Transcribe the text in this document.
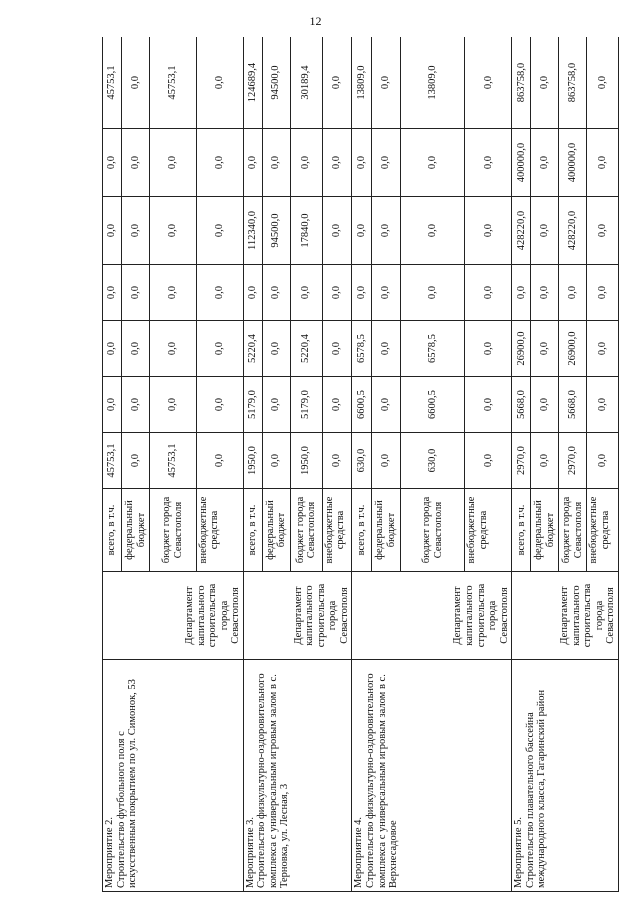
12
Мероприятие 2.
Строительство футбольного поля с искусственным покрытием по ул. Симонок, 53	Департамент капитального строительства города Севастополя	всего, в т.ч.	45753,1	0,0	0,0	0,0	0,0	0,0	45753,1
		федеральный бюджет	0,0	0,0	0,0	0,0	0,0	0,0	0,0
		бюджет города Севастополя	45753,1	0,0	0,0	0,0	0,0	0,0	45753,1
		внебюджетные средства	0,0	0,0	0,0	0,0	0,0	0,0	0,0
Мероприятие 3.
Строительство физкультурно-оздоровительного комплекса с универсальным игровым залом в с. Терновка, ул. Лесная, 3	Департамент капитального строительства города Севастополя	всего, в т.ч.	1950,0	5179,0	5220,4	0,0	112340,0	0,0	124689,4
		федеральный бюджет	0,0	0,0	0,0	0,0	94500,0	0,0	94500,0
		бюджет города Севастополя	1950,0	5179,0	5220,4	0,0	17840,0	0,0	30189,4
		внебюджетные средства	0,0	0,0	0,0	0,0	0,0	0,0	0,0
Мероприятие 4.
Строительство физкультурно-оздоровительного комплекса с универсальным игровым залом в с. Верхнесадовое	Департамент капитального строительства города Севастополя	всего, в т.ч.	630,0	6600,5	6578,5	0,0	0,0	0,0	13809,0
		федеральный бюджет	0,0	0,0	0,0	0,0	0,0	0,0	0,0
		бюджет города Севастополя	630,0	6600,5	6578,5	0,0	0,0	0,0	13809,0
		внебюджетные средства	0,0	0,0	0,0	0,0	0,0	0,0	0,0
Мероприятие 5.
Строительство плавательного бассейна международного класса, Гагаринский район	Департамент капитального строительства города Севастополя	всего, в т.ч.	2970,0	5668,0	26900,0	0,0	428220,0	400000,0	863758,0
		федеральный бюджет	0,0	0,0	0,0	0,0	0,0	0,0	0,0
		бюджет города Севастополя	2970,0	5668,0	26900,0	0,0	428220,0	400000,0	863758,0
		внебюджетные средства	0,0	0,0	0,0	0,0	0,0	0,0	0,0
